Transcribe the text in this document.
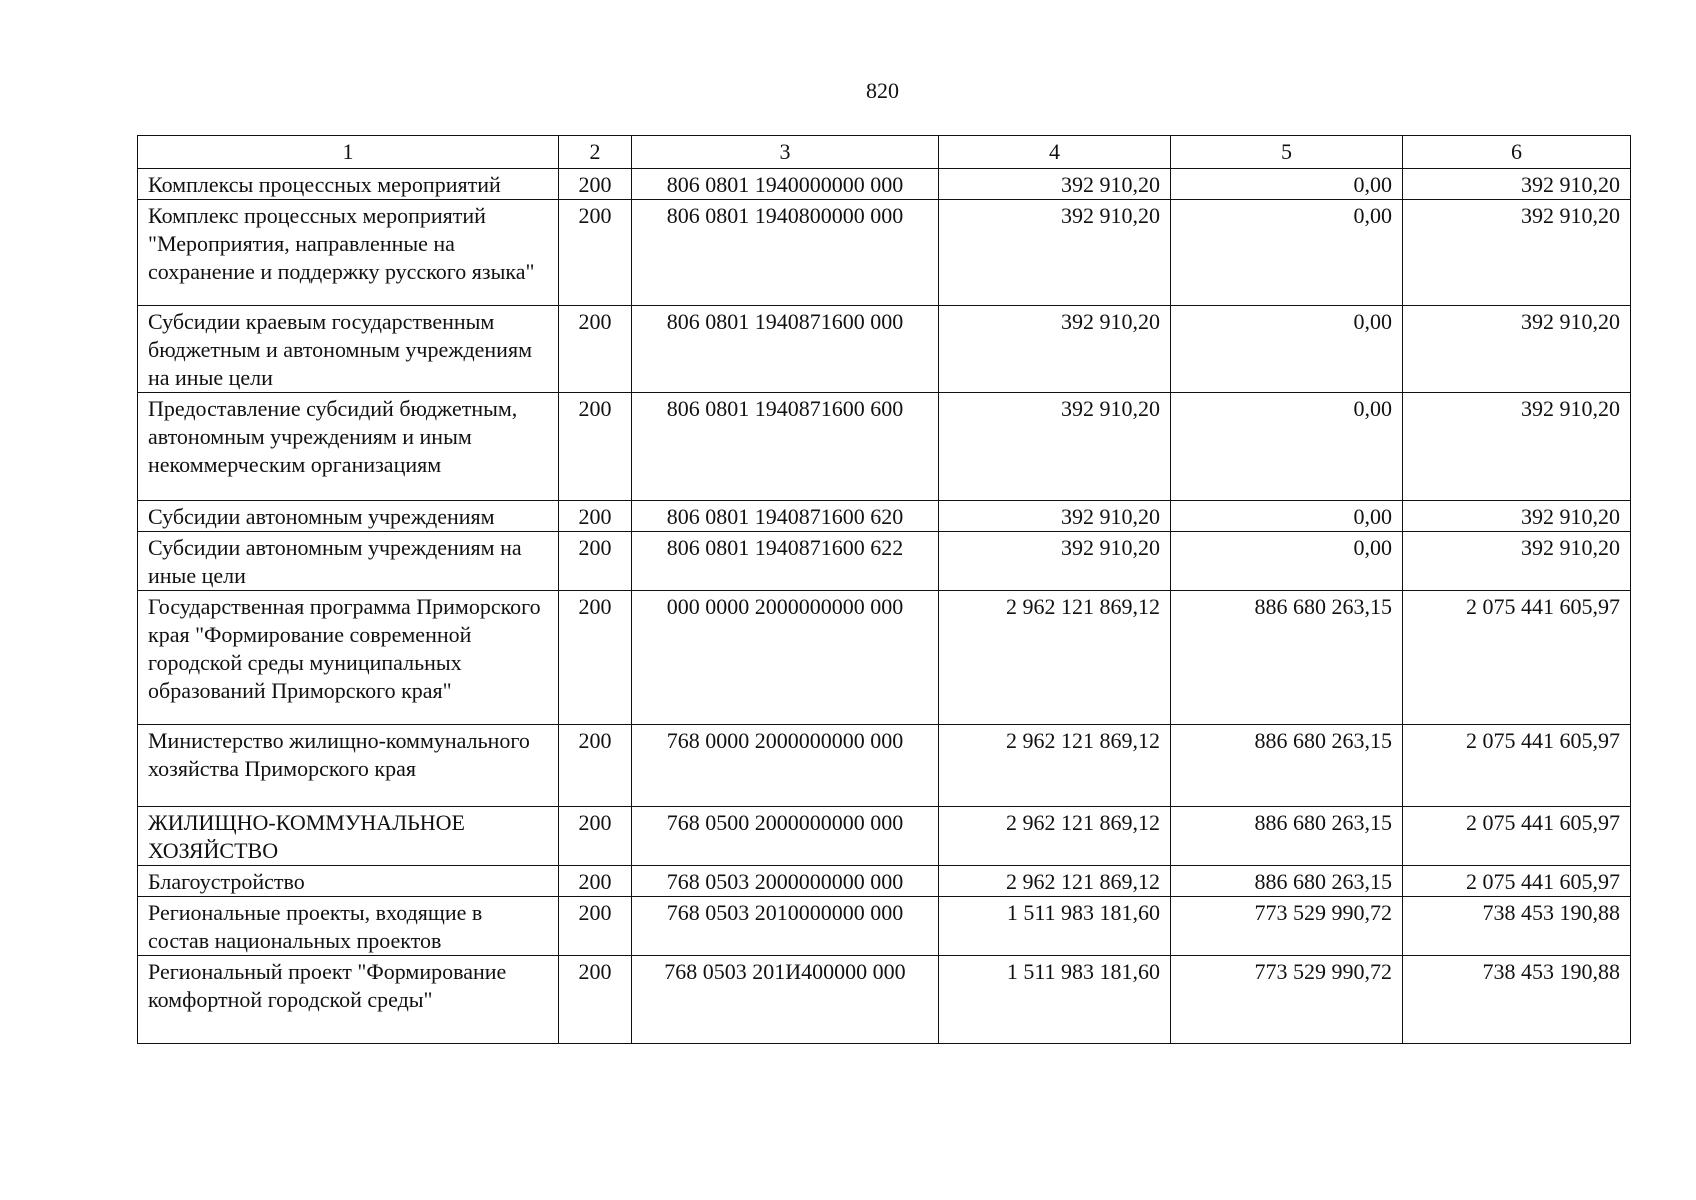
820
1	2	3	4	5	6
Комплексы процессных мероприятий	200	806 0801 1940000000 000	392 910,20	0,00	392 910,20
Комплекс процессных мероприятий "Мероприятия, направленные на сохранение и поддержку русского языка"	200	806 0801 1940800000 000	392 910,20	0,00	392 910,20
Субсидии краевым государственным бюджетным и автономным учреждениям на иные цели	200	806 0801 1940871600 000	392 910,20	0,00	392 910,20
Предоставление субсидий бюджетным, автономным учреждениям и иным некоммерческим организациям	200	806 0801 1940871600 600	392 910,20	0,00	392 910,20
Субсидии автономным учреждениям	200	806 0801 1940871600 620	392 910,20	0,00	392 910,20
Субсидии автономным учреждениям на иные цели	200	806 0801 1940871600 622	392 910,20	0,00	392 910,20
Государственная программа Приморского края "Формирование современной городской среды муниципальных образований Приморского края"	200	000 0000 2000000000 000	2 962 121 869,12	886 680 263,15	2 075 441 605,97
Министерство жилищно-коммунального хозяйства Приморского края	200	768 0000 2000000000 000	2 962 121 869,12	886 680 263,15	2 075 441 605,97
ЖИЛИЩНО-КОММУНАЛЬНОЕ ХОЗЯЙСТВО	200	768 0500 2000000000 000	2 962 121 869,12	886 680 263,15	2 075 441 605,97
Благоустройство	200	768 0503 2000000000 000	2 962 121 869,12	886 680 263,15	2 075 441 605,97
Региональные проекты, входящие в состав национальных проектов	200	768 0503 2010000000 000	1 511 983 181,60	773 529 990,72	738 453 190,88
Региональный проект "Формирование комфортной городской среды"	200	768 0503 201И400000 000	1 511 983 181,60	773 529 990,72	738 453 190,88
